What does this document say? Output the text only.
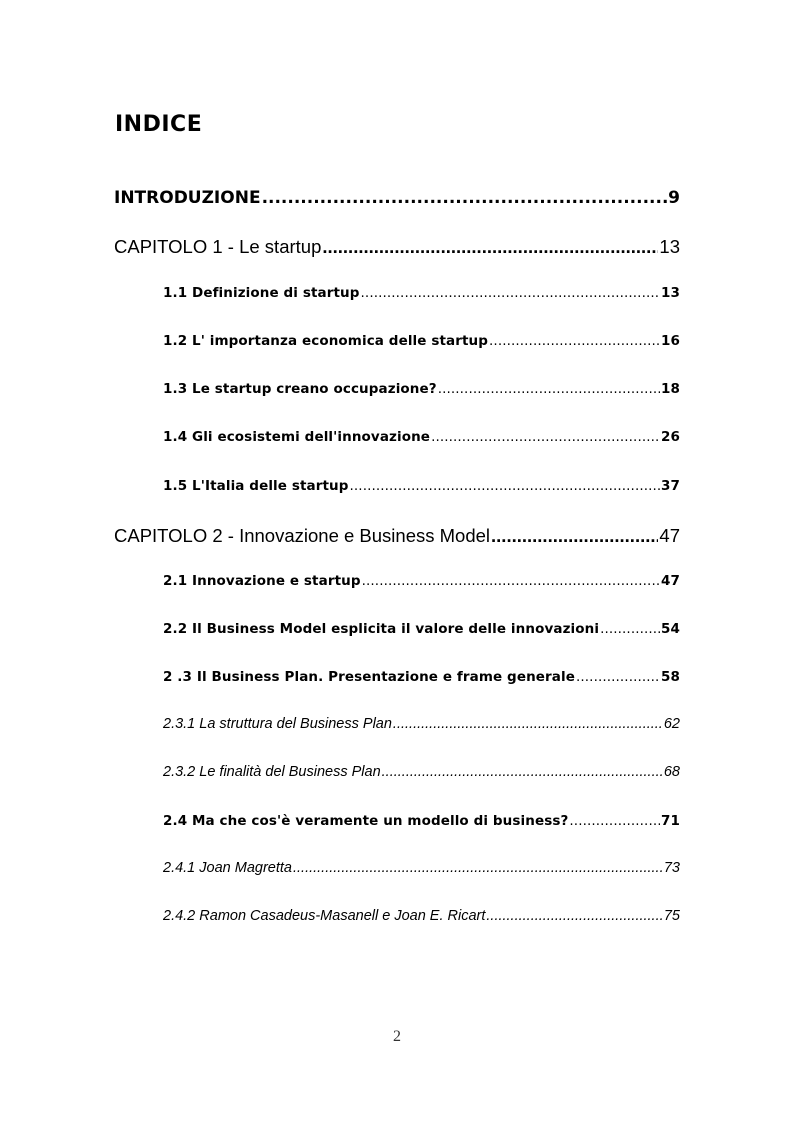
INDICE
INTRODUZIONE .....	9
CAPITOLO 1 - Le startup .....	13
1.1 Definizione di startup .....	13
1.2 L' importanza economica delle startup .....	16
1.3 Le startup creano occupazione? .....	18
1.4 Gli ecosistemi dell'innovazione .....	26
1.5 L'Italia delle startup .....	37
CAPITOLO 2 - Innovazione e Business Model .....	47
2.1 Innovazione e startup .....	47
2.2 Il Business Model esplicita il valore delle innovazioni .....	54
2 .3 Il Business Plan. Presentazione e frame generale .....	58
2.3.1 La struttura del Business Plan .....	62
2.3.2 Le finalità del Business Plan .....	68
2.4 Ma che cos'è veramente un modello di business? .....	71
2.4.1 Joan Magretta .....	73
2.4.2 Ramon Casadeus-Masanell e Joan E. Ricart .....	75
2
